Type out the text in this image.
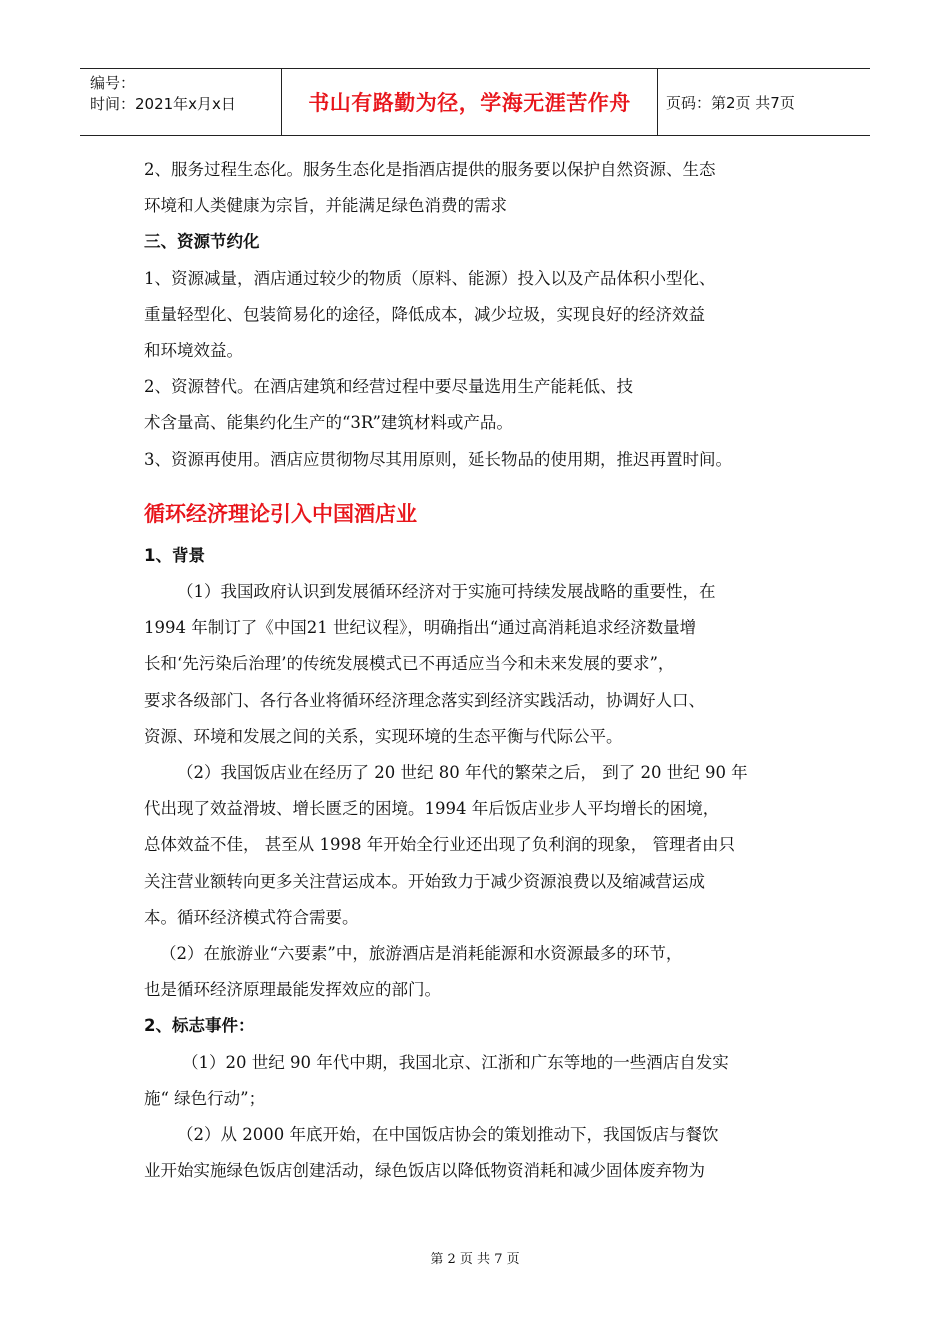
编号：
时间：2021年x月x日	书山有路勤为径，学海无涯苦作舟	页码：第2页 共7页
2、服务过程生态化。服务生态化是指酒店提供的服务要以保护自然资源、生态
环境和人类健康为宗旨，并能满足绿色消费的需求
三、资源节约化
1、资源减量，酒店通过较少的物质（原料、能源）投入以及产品体积小型化、
重量轻型化、包装简易化的途径，降低成本，减少垃圾，实现良好的经济效益
和环境效益。
2、资源替代。在酒店建筑和经营过程中要尽量选用生产能耗低、技
术含量高、能集约化生产的“3R”建筑材料或产品。
3、资源再使用。酒店应贯彻物尽其用原则，延长物品的使用期，推迟再置时间。
循环经济理论引入中国酒店业
1、背景
（1）我国政府认识到发展循环经济对于实施可持续发展战略的重要性，在
1994 年制订了《中国21 世纪议程》，明确指出“通过高消耗追求经济数量增
长和‘先污染后治理’的传统发展模式已不再适应当今和未来发展的要求”，
要求各级部门、各行各业将循环经济理念落实到经济实践活动，协调好人口、
资源、环境和发展之间的关系，实现环境的生态平衡与代际公平。
（2）我国饭店业在经历了 20 世纪 80 年代的繁荣之后， 到了 20 世纪 90 年
代出现了效益滑坡、增长匮乏的困境。1994 年后饭店业步人平均增长的困境，
总体效益不佳， 甚至从 1998 年开始全行业还出现了负利润的现象， 管理者由只
关注营业额转向更多关注营运成本。开始致力于减少资源浪费以及缩减营运成
本。循环经济模式符合需要。
（2）在旅游业“六要素”中，旅游酒店是消耗能源和水资源最多的环节，
也是循环经济原理最能发挥效应的部门。
2、标志事件：
（1）20 世纪 90 年代中期，我国北京、江浙和广东等地的一些酒店自发实
施“ 绿色行动”；
（2）从 2000 年底开始，在中国饭店协会的策划推动下，我国饭店与餐饮
业开始实施绿色饭店创建活动，绿色饭店以降低物资消耗和减少固体废弃物为
第 2 页 共 7 页
